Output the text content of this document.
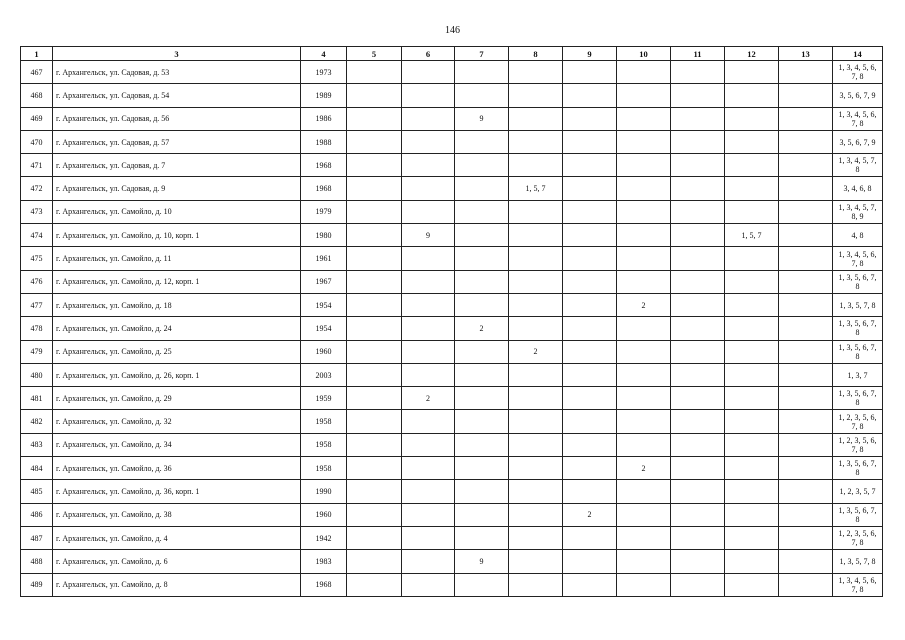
146
1	3	4	5	6	7	8	9	10	11	12	13	14
467	г. Архангельск, ул. Садовая, д. 53	1973										1, 3, 4, 5, 6, 7, 8
468	г. Архангельск, ул. Садовая, д. 54	1989										3, 5, 6, 7, 9
469	г. Архангельск, ул. Садовая, д. 56	1986			9							1, 3, 4, 5, 6, 7, 8
470	г. Архангельск, ул. Садовая, д. 57	1988										3, 5, 6, 7, 9
471	г. Архангельск, ул. Садовая, д. 7	1968										1, 3, 4, 5, 7, 8
472	г. Архангельск, ул. Садовая, д. 9	1968				1, 5, 7						3, 4, 6, 8
473	г. Архангельск, ул. Самойло, д. 10	1979										1, 3, 4, 5, 7, 8, 9
474	г. Архангельск, ул. Самойло, д. 10, корп. 1	1980		9						1, 5, 7		4, 8
475	г. Архангельск, ул. Самойло, д. 11	1961										1, 3, 4, 5, 6, 7, 8
476	г. Архангельск, ул. Самойло, д. 12, корп. 1	1967										1, 3, 5, 6, 7, 8
477	г. Архангельск, ул. Самойло, д. 18	1954						2				1, 3, 5, 7, 8
478	г. Архангельск, ул. Самойло, д. 24	1954			2							1, 3, 5, 6, 7, 8
479	г. Архангельск, ул. Самойло, д. 25	1960				2						1, 3, 5, 6, 7, 8
480	г. Архангельск, ул. Самойло, д. 26, корп. 1	2003										1, 3, 7
481	г. Архангельск, ул. Самойло, д. 29	1959		2								1, 3, 5, 6, 7, 8
482	г. Архангельск, ул. Самойло, д. 32	1958										1, 2, 3, 5, 6, 7, 8
483	г. Архангельск, ул. Самойло, д. 34	1958										1, 2, 3, 5, 6, 7, 8
484	г. Архангельск, ул. Самойло, д. 36	1958						2				1, 3, 5, 6, 7, 8
485	г. Архангельск, ул. Самойло, д. 36, корп. 1	1990										1, 2, 3, 5, 7
486	г. Архангельск, ул. Самойло, д. 38	1960					2					1, 3, 5, 6, 7, 8
487	г. Архангельск, ул. Самойло, д. 4	1942										1, 2, 3, 5, 6, 7, 8
488	г. Архангельск, ул. Самойло, д. 6	1983			9							1, 3, 5, 7, 8
489	г. Архангельск, ул. Самойло, д. 8	1968										1, 3, 4, 5, 6, 7, 8
